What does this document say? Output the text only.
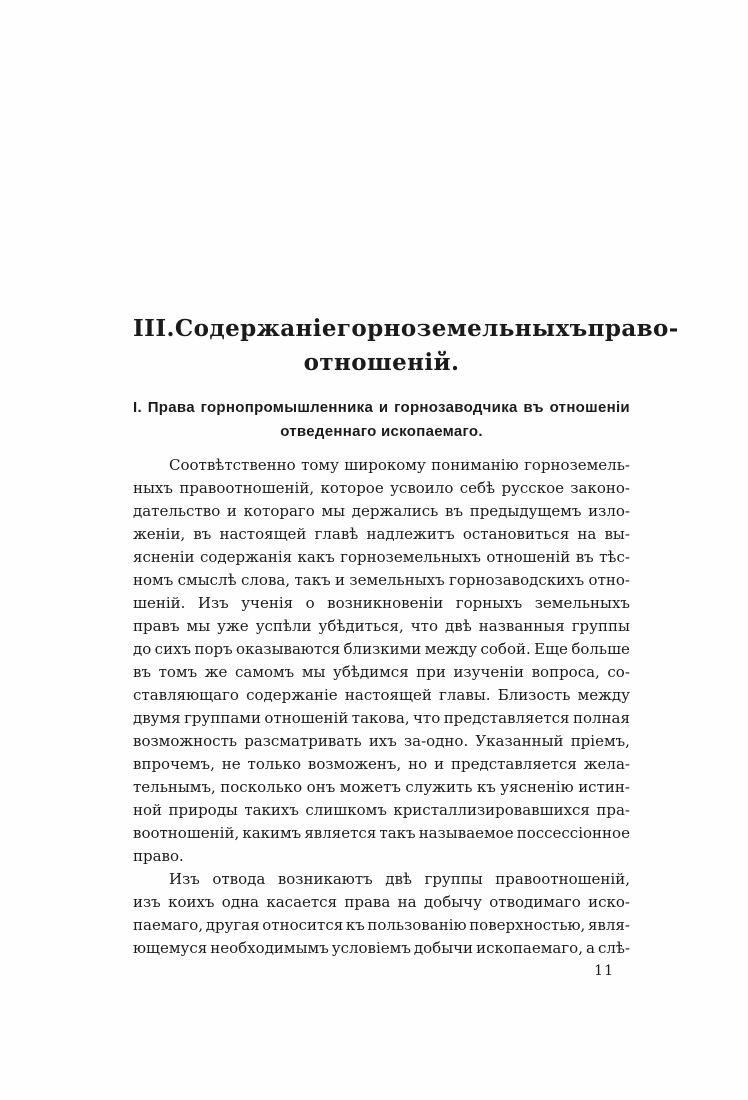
III. Содержаніе горноземельныхъ право-
отношеній.
I. Права горнопромышленника и горнозаводчика въ отношеніи
отведеннаго ископаемаго.
Соотвѣтственно тому широкому пониманію горноземель-
ныхъ правоотношеній, которое усвоило себѣ русское законо-
дательство и котораго мы держались въ предыдущемъ изло-
женіи, въ настоящей главѣ надлежитъ остановиться на вы-
ясненіи содержанія какъ горноземельныхъ отношеній въ тѣс-
номъ смыслѣ слова, такъ и земельныхъ горнозаводскихъ отно-
шеній. Изъ ученія о возникновеніи горныхъ земельныхъ
правъ мы уже успѣли убѣдиться, что двѣ названныя группы
до сихъ поръ оказываются близкими между собой. Еще больше
въ томъ же самомъ мы убѣдимся при изученіи вопроса, со-
ставляющаго содержаніе настоящей главы. Близость между
двумя группами отношеній такова, что представляется полная
возможность разсматривать ихъ за-одно. Указанный пріемъ,
впрочемъ, не только возможенъ, но и представляется жела-
тельнымъ, посколько онъ можетъ служить къ уясненію истин-
ной природы такихъ слишкомъ кристаллизировавшихся пра-
воотношеній, какимъ является такъ называемое поссессіонное
право.
Изъ отвода возникаютъ двѣ группы правоотношеній,
изъ коихъ одна касается права на добычу отводимаго иско-
паемаго, другая относится къ пользованію поверхностью, явля-
ющемуся необходимымъ условіемъ добычи ископаемаго, а слѣ-
11
